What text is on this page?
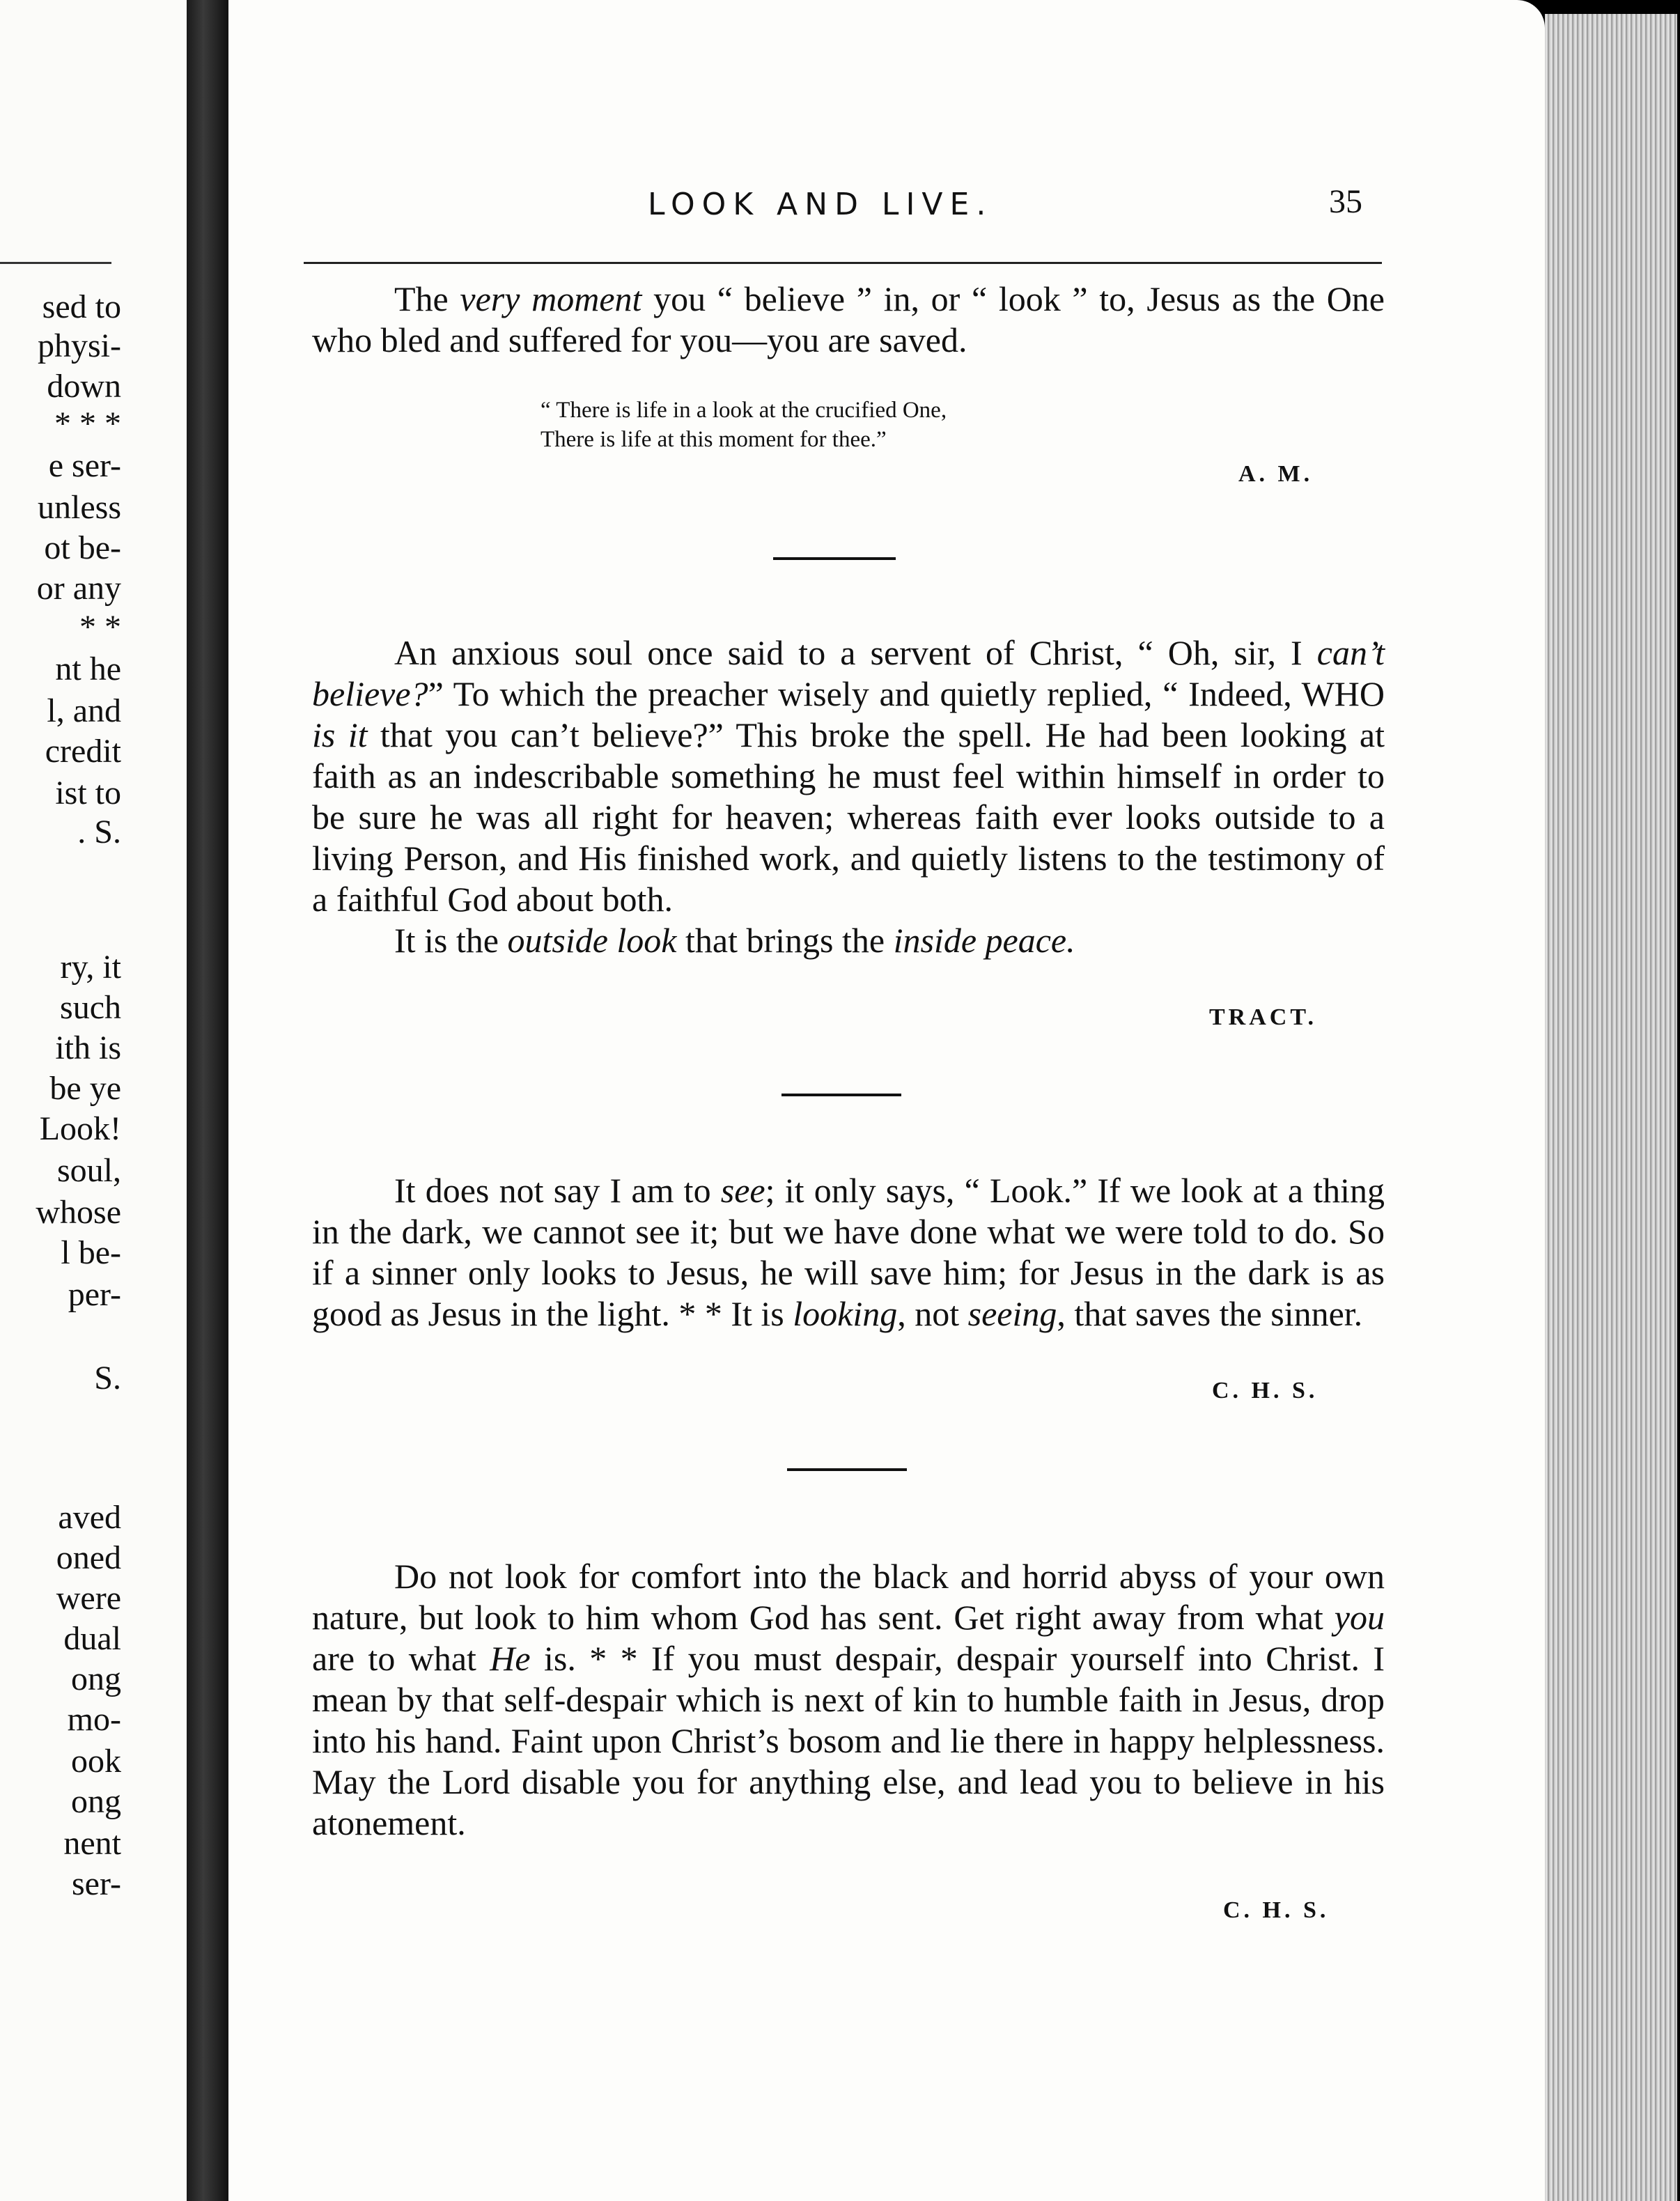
sed to
physi-
down
* * *
e ser-
unless
ot be-
or any
* *
nt he
l, and
credit
ist to
. S.
ry, it
such
ith is
be ye
Look!
soul,
whose
l be-
per-
S.
aved
oned
were
dual
ong
mo-
ook
ong
nent
ser-
LOOK AND LIVE.	35

The very moment you “ believe ” in, or “ look ” to, Jesus as the One who bled and suffered for you—you are saved.

“ There is life in a look at the crucified One,
There is life at this moment for thee.”
A. M.

An anxious soul once said to a servent of Christ, “ Oh, sir, I can’t believe?” To which the preacher wisely and quietly replied, “ Indeed, WHO is it that you can’t believe?” This broke the spell. He had been looking at faith as an indescribable something he must feel within himself in order to be sure he was all right for heaven; whereas faith ever looks outside to a living Person, and His finished work, and quietly listens to the testimony of a faithful God about both.

It is the outside look that brings the inside peace.

TRACT.

It does not say I am to see; it only says, “ Look.” If we look at a thing in the dark, we cannot see it; but we have done what we were told to do. So if a sinner only looks to Jesus, he will save him; for Jesus in the dark is as good as Jesus in the light. * * It is looking, not seeing, that saves the sinner.

C. H. S.

Do not look for comfort into the black and horrid abyss of your own nature, but look to him whom God has sent. Get right away from what you are to what He is. * * If you must despair, despair yourself into Christ. I mean by that self-despair which is next of kin to humble faith in Jesus, drop into his hand. Faint upon Christ’s bosom and lie there in happy helplessness. May the Lord disable you for anything else, and lead you to believe in his atonement.

C. H. S.
